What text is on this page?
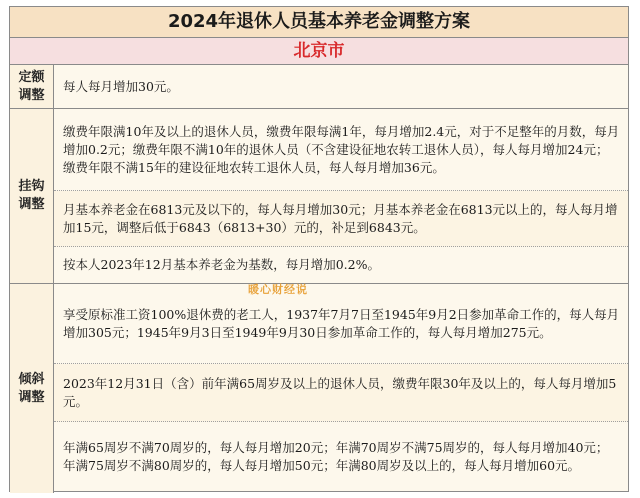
2024年退休人员基本养老金调整方案
北京市
定额调整
每人每月增加30元。
挂钩调整
缴费年限满10年及以上的退休人员，缴费年限每满1年，每月增加2.4元，对于不足整年的月数，每月增加0.2元；缴费年限不满10年的退休人员（不含建设征地农转工退休人员），每人每月增加24元；缴费年限不满15年的建设征地农转工退休人员，每人每月增加36元。
月基本养老金在6813元及以下的，每人每月增加30元；月基本养老金在6813元以上的，每人每月增加15元，调整后低于6843（6813+30）元的，补足到6843元。
按本人2023年12月基本养老金为基数，每月增加0.2%。
倾斜调整
享受原标准工资100%退休费的老工人，1937年7月7日至1945年9月2日参加革命工作的，每人每月增加305元；1945年9月3日至1949年9月30日参加革命工作的，每人每月增加275元。
2023年12月31日（含）前年满65周岁及以上的退休人员，缴费年限30年及以上的，每人每月增加5元。
年满65周岁不满70周岁的，每人每月增加20元；年满70周岁不满75周岁的，每人每月增加40元；年满75周岁不满80周岁的，每人每月增加50元；年满80周岁及以上的，每人每月增加60元。
暖心财经说
